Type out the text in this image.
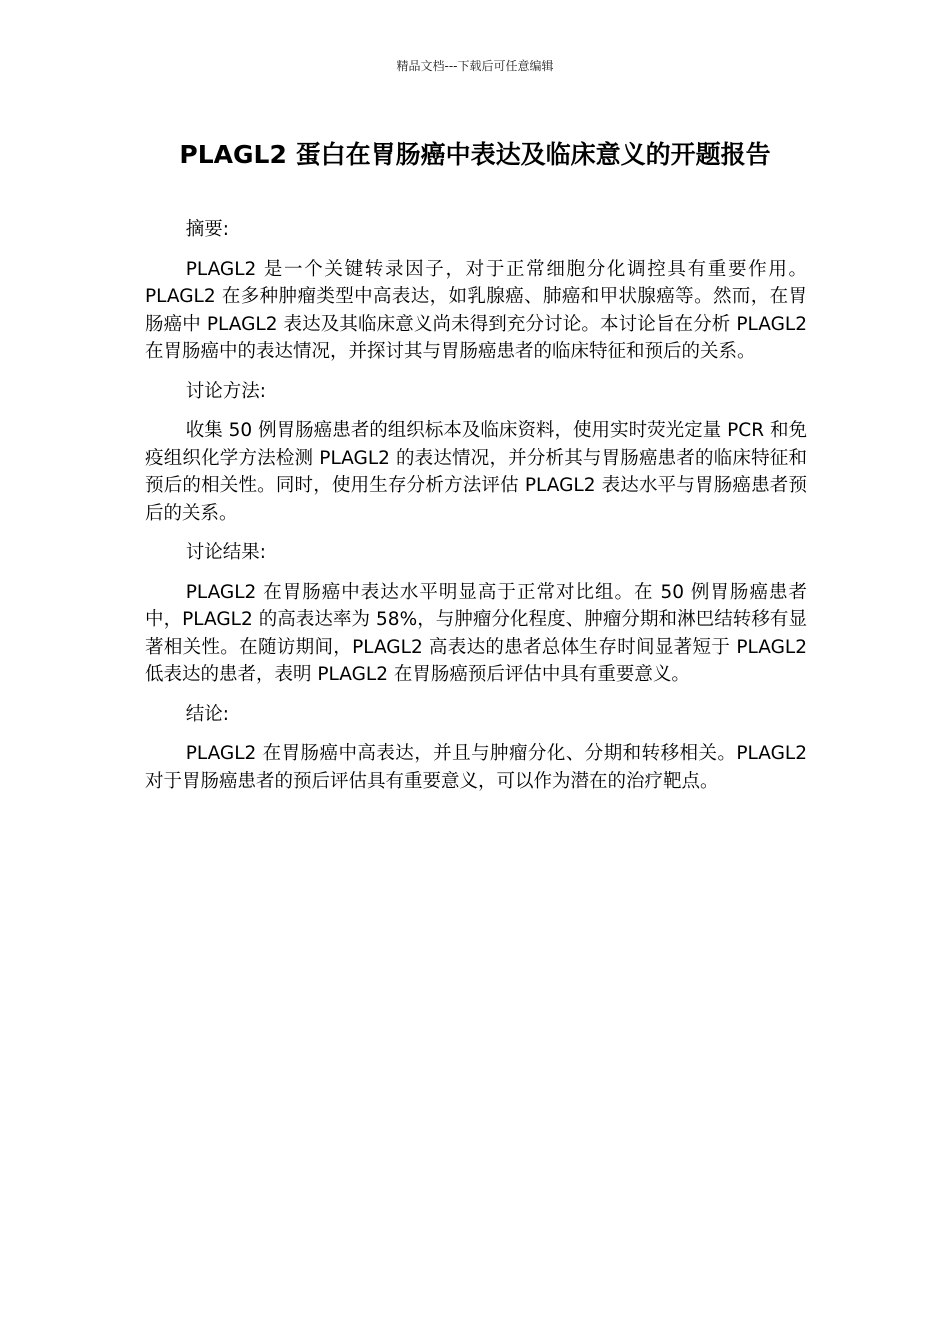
精品文档---下载后可任意编辑
PLAGL2 蛋白在胃肠癌中表达及临床意义的开题报告

摘要:

PLAGL2 是一个关键转录因子，对于正常细胞分化调控具有重要作用。PLAGL2 在多种肿瘤类型中高表达，如乳腺癌、肺癌和甲状腺癌等。然而，在胃肠癌中 PLAGL2 表达及其临床意义尚未得到充分讨论。本讨论旨在分析 PLAGL2 在胃肠癌中的表达情况，并探讨其与胃肠癌患者的临床特征和预后的关系。

讨论方法:

收集 50 例胃肠癌患者的组织标本及临床资料，使用实时荧光定量 PCR 和免疫组织化学方法检测 PLAGL2 的表达情况，并分析其与胃肠癌患者的临床特征和预后的相关性。同时，使用生存分析方法评估 PLAGL2 表达水平与胃肠癌患者预后的关系。

讨论结果:

PLAGL2 在胃肠癌中表达水平明显高于正常对比组。在 50 例胃肠癌患者中，PLAGL2 的高表达率为 58%，与肿瘤分化程度、肿瘤分期和淋巴结转移有显著相关性。在随访期间，PLAGL2 高表达的患者总体生存时间显著短于 PLAGL2 低表达的患者，表明 PLAGL2 在胃肠癌预后评估中具有重要意义。

结论:

PLAGL2 在胃肠癌中高表达，并且与肿瘤分化、分期和转移相关。PLAGL2 对于胃肠癌患者的预后评估具有重要意义，可以作为潜在的治疗靶点。
